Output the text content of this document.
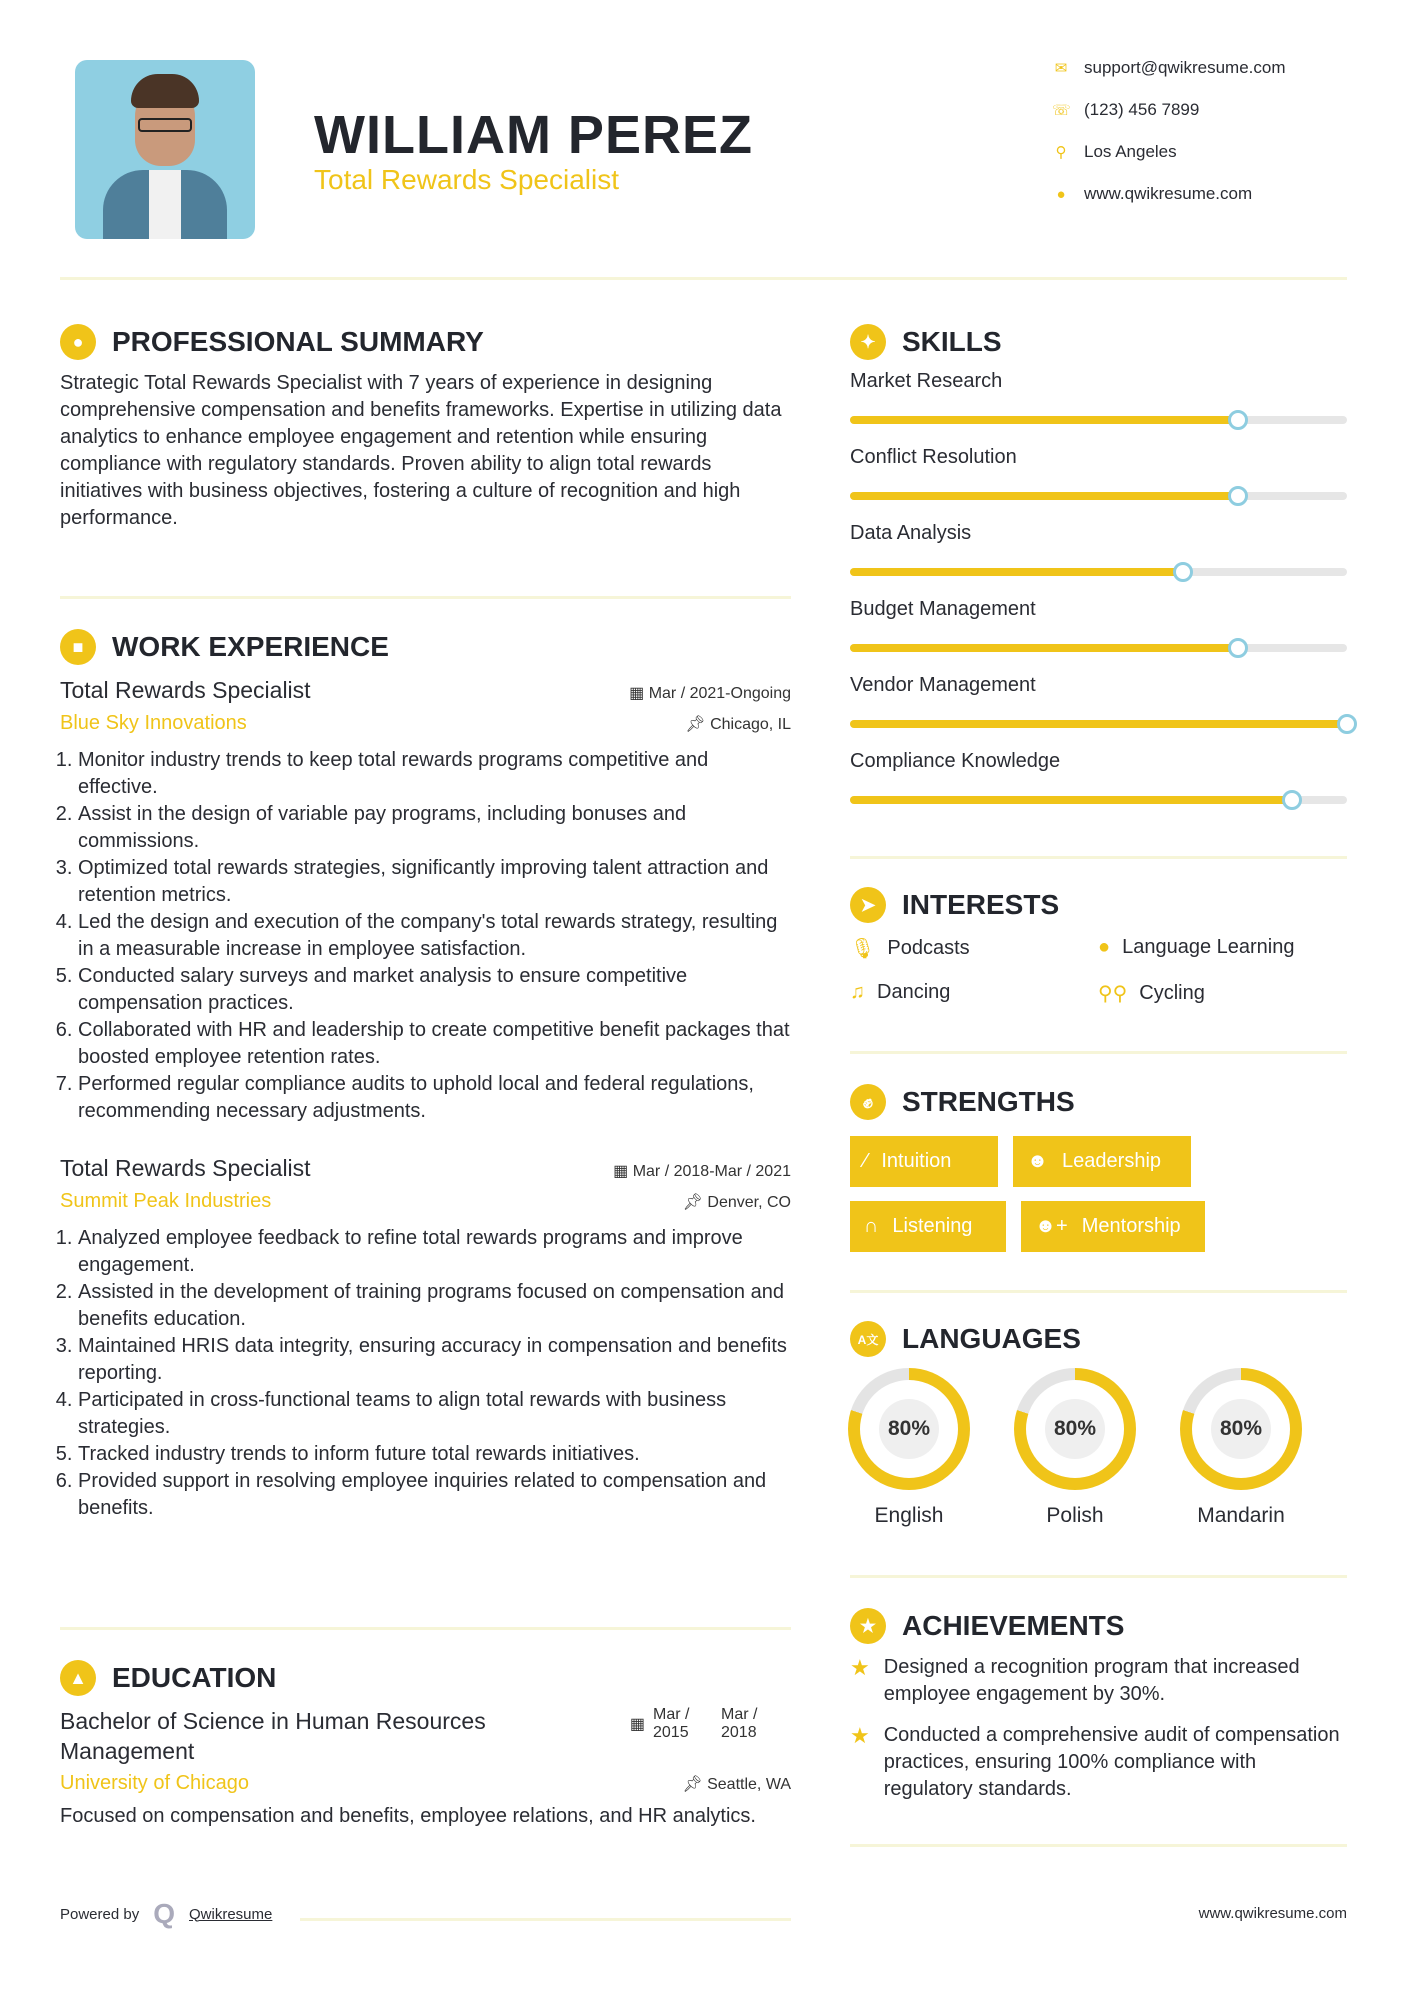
WILLIAM PEREZ
Total Rewards Specialist
✉ support@qwikresume.com
☏ (123) 456 7899
⚲ Los Angeles
● www.qwikresume.com
●	PROFESSIONAL SUMMARY

Strategic Total Rewards Specialist with 7 years of experience in designing comprehensive compensation and benefits frameworks. Expertise in utilizing data analytics to enhance employee engagement and retention while ensuring compliance with regulatory standards. Proven ability to align total rewards initiatives with business objectives, fostering a culture of recognition and high performance.

■	WORK EXPERIENCE
Total Rewards Specialist	▦ Mar / 2021-Ongoing
Blue Sky Innovations	📌︎ Chicago, IL
1. Monitor industry trends to keep total rewards programs competitive and effective.
2. Assist in the design of variable pay programs, including bonuses and commissions.
3. Optimized total rewards strategies, significantly improving talent attraction and retention metrics.
4. Led the design and execution of the company's total rewards strategy, resulting in a measurable increase in employee satisfaction.
5. Conducted salary surveys and market analysis to ensure competitive compensation practices.
6. Collaborated with HR and leadership to create competitive benefit packages that boosted employee retention rates.
7. Performed regular compliance audits to uphold local and federal regulations, recommending necessary adjustments.
Total Rewards Specialist	▦ Mar / 2018-Mar / 2021
Summit Peak Industries	📌︎ Denver, CO
1. Analyzed employee feedback to refine total rewards programs and improve engagement.
2. Assisted in the development of training programs focused on compensation and benefits education.
3. Maintained HRIS data integrity, ensuring accuracy in compensation and benefits reporting.
4. Participated in cross-functional teams to align total rewards with business strategies.
5. Tracked industry trends to inform future total rewards initiatives.
6. Provided support in resolving employee inquiries related to compensation and benefits.
▲ EDUCATION
Bachelor of Science in Human Resources Management
▦
Mar / 2015
Mar / 2018
University of Chicago	📌︎ Seattle, WA

Focused on compensation and benefits, employee relations, and HR analytics.

Powered by Q Qwikresume	www.qwikresume.com
✦ SKILLS
Market Research
Conflict Resolution
Data Analysis
Budget Management
Vendor Management
Compliance Knowledge
➤ INTERESTS
🎙︎ Podcasts	● Language Learning
♫ Dancing	⚲⚲ Cycling
✊︎	STRENGTHS
⁄ Intuition	☻ Leadership
∩ Listening	☻+ Mentorship
A文 LANGUAGES
80%
English
80%
Polish
80%
Mandarin
★ ACHIEVEMENTS
★ Designed a recognition program that increased employee engagement by 30%.
★ Conducted a comprehensive audit of compensation practices, ensuring 100% compliance with regulatory standards.
